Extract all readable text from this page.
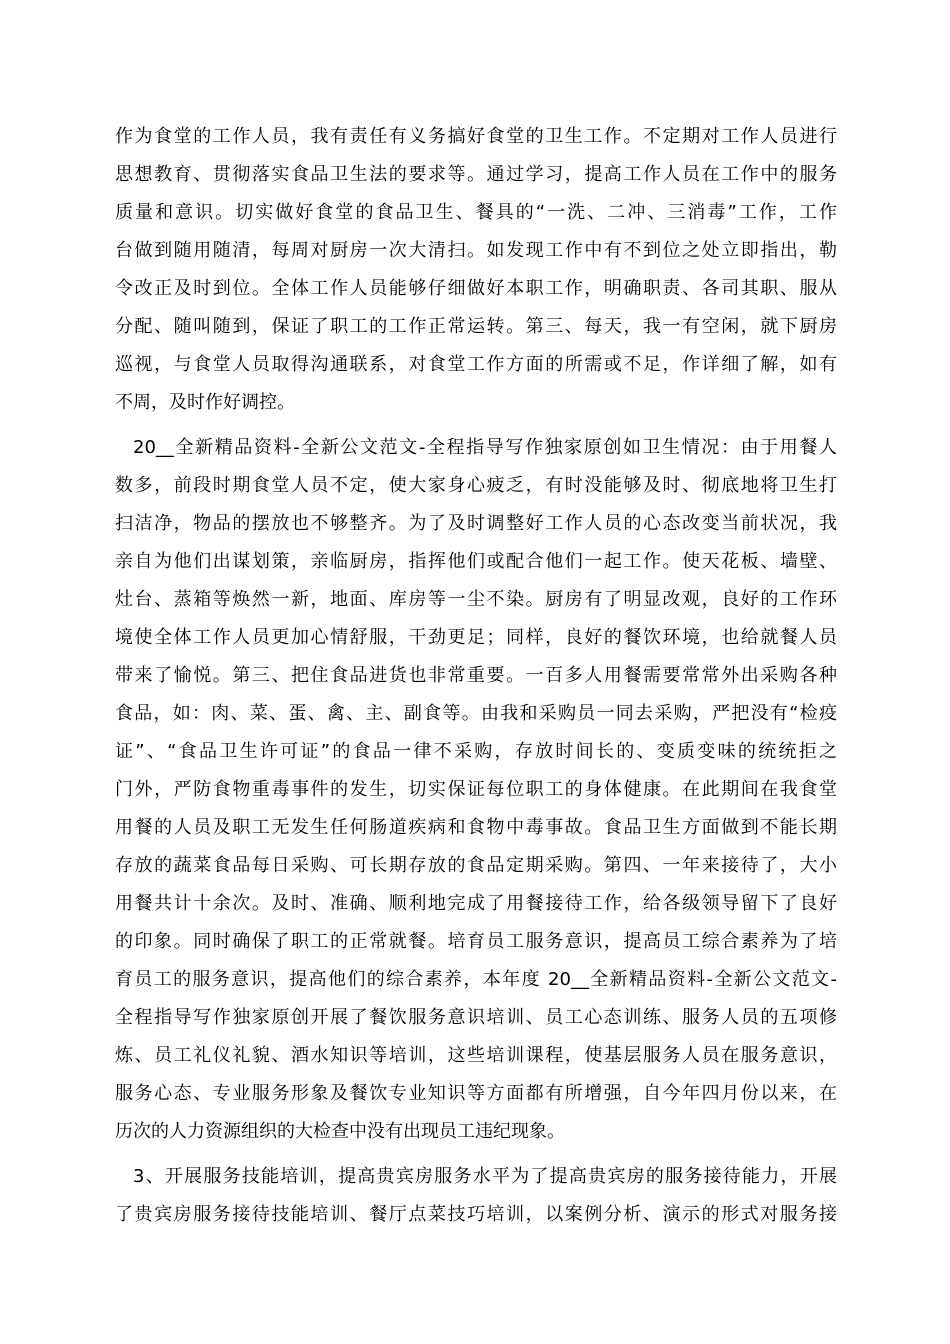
作为食堂的工作人员，我有责任有义务搞好食堂的卫生工作。不定期对工作人员进行
思想教育、贯彻落实食品卫生法的要求等。通过学习，提高工作人员在工作中的服务
质量和意识。切实做好食堂的食品卫生、餐具的“一洗、二冲、三消毒”工作，工作
台做到随用随清，每周对厨房一次大清扫。如发现工作中有不到位之处立即指出，勒
令改正及时到位。全体工作人员能够仔细做好本职工作，明确职责、各司其职、服从
分配、随叫随到，保证了职工的工作正常运转。第三、每天，我一有空闲，就下厨房
巡视，与食堂人员取得沟通联系，对食堂工作方面的所需或不足，作详细了解，如有
不周，及时作好调控。
20__全新精品资料-全新公文范文-全程指导写作独家原创如卫生情况：由于用餐人
数多，前段时期食堂人员不定，使大家身心疲乏，有时没能够及时、彻底地将卫生打
扫洁净，物品的摆放也不够整齐。为了及时调整好工作人员的心态改变当前状况，我
亲自为他们出谋划策，亲临厨房，指挥他们或配合他们一起工作。使天花板、墙壁、
灶台、蒸箱等焕然一新，地面、库房等一尘不染。厨房有了明显改观，良好的工作环
境使全体工作人员更加心情舒服，干劲更足；同样，良好的餐饮环境，也给就餐人员
带来了愉悦。第三、把住食品进货也非常重要。一百多人用餐需要常常外出采购各种
食品，如：肉、菜、蛋、禽、主、副食等。由我和采购员一同去采购，严把没有“检疫
证”、“食品卫生许可证”的食品一律不采购，存放时间长的、变质变味的统统拒之
门外，严防食物重毒事件的发生，切实保证每位职工的身体健康。在此期间在我食堂
用餐的人员及职工无发生任何肠道疾病和食物中毒事故。食品卫生方面做到不能长期
存放的蔬菜食品每日采购、可长期存放的食品定期采购。第四、一年来接待了，大小
用餐共计十余次。及时、准确、顺利地完成了用餐接待工作，给各级领导留下了良好
的印象。同时确保了职工的正常就餐。培育员工服务意识，提高员工综合素养为了培
育员工的服务意识，提高他们的综合素养，本年度 20__全新精品资料-全新公文范文-
全程指导写作独家原创开展了餐饮服务意识培训、员工心态训练、服务人员的五项修
炼、员工礼仪礼貌、酒水知识等培训，这些培训课程，使基层服务人员在服务意识，
服务心态、专业服务形象及餐饮专业知识等方面都有所增强，自今年四月份以来，在
历次的人力资源组织的大检查中没有出现员工违纪现象。
3、开展服务技能培训，提高贵宾房服务水平为了提高贵宾房的服务接待能力，开展
了贵宾房服务接待技能培训、餐厅点菜技巧培训，以案例分析、演示的形式对服务接
